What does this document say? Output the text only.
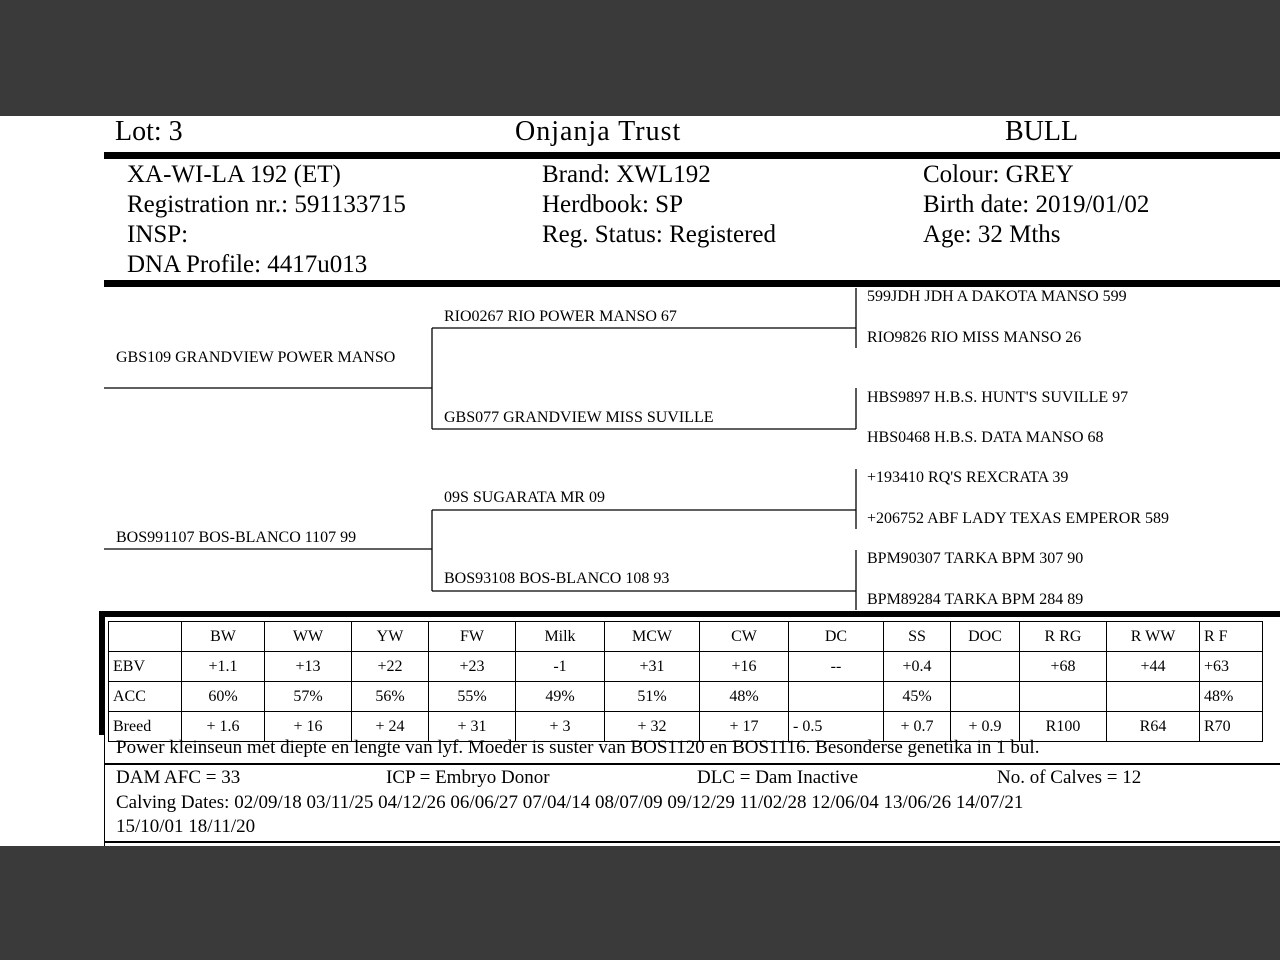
Lot: 3	Onjanja Trust	BULL
XA-WI-LA 192 (ET)
Registration nr.: 591133715
INSP:
DNA Profile: 4417u013
Brand: XWL192
Herdbook: SP
Reg. Status: Registered
Colour: GREY
Birth date: 2019/01/02
Age: 32 Mths
GBS109 GRANDVIEW POWER MANSO
BOS991107 BOS-BLANCO 1107 99
RIO0267 RIO POWER MANSO 67
GBS077 GRANDVIEW MISS SUVILLE
09S SUGARATA MR 09
BOS93108 BOS-BLANCO 108 93
599JDH JDH A DAKOTA MANSO 599
RIO9826 RIO MISS MANSO 26
HBS9897 H.B.S. HUNT'S SUVILLE 97
HBS0468 H.B.S. DATA MANSO 68
+193410 RQ'S REXCRATA 39
+206752 ABF LADY TEXAS EMPEROR 589
BPM90307 TARKA BPM 307 90
BPM89284 TARKA BPM 284 89
	BW	WW	YW	FW	Milk	MCW	CW	DC	SS	DOC	R RG	R WW	R F
EBV	+1.1	+13	+22	+23	-1	+31	+16	--	+0.4		+68	+44	+63
ACC	60%	57%	56%	55%	49%	51%	48%		45%				48%
Breed	+ 1.6	+ 16	+ 24	+ 31	+ 3	+ 32	+ 17	- 0.5	+ 0.7	+ 0.9	R100	R64	R70
Power kleinseun met diepte en lengte van lyf. Moeder is suster van BOS1120 en BOS1116. Besonderse genetika in 1 bul.
DAM AFC = 33	ICP = Embryo Donor	DLC = Dam Inactive	No. of Calves = 12
Calving Dates: 02/09/18 03/11/25 04/12/26 06/06/27 07/04/14 08/07/09 09/12/29 11/02/28 12/06/04 13/06/26 14/07/21
15/10/01 18/11/20
